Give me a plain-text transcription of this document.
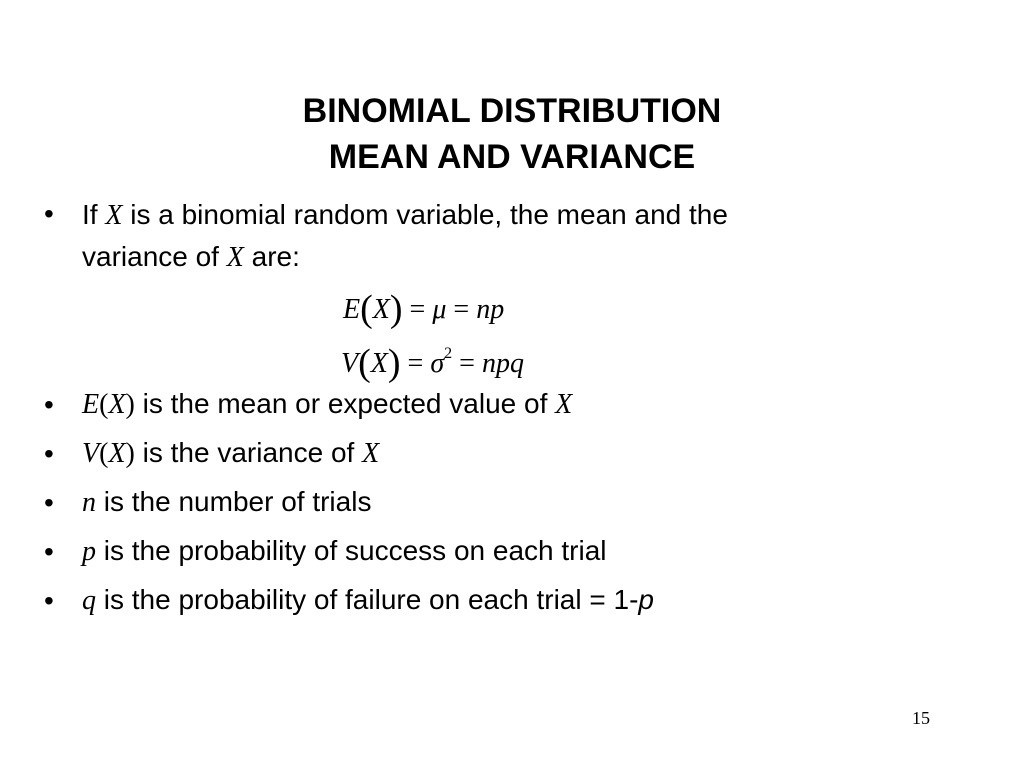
BINOMIAL DISTRIBUTION
MEAN AND VARIANCE
• If X is a binomial random variable, the mean and the
variance of X are:
E(X) = μ = np
$V(X) = \sigma^2$ = npq
• E(X) is the mean or expected value of X
• V(X) is the variance of X
• n is the number of trials
• p is the probability of success on each trial
• q is the probability of failure on each trial = 1-p
15
